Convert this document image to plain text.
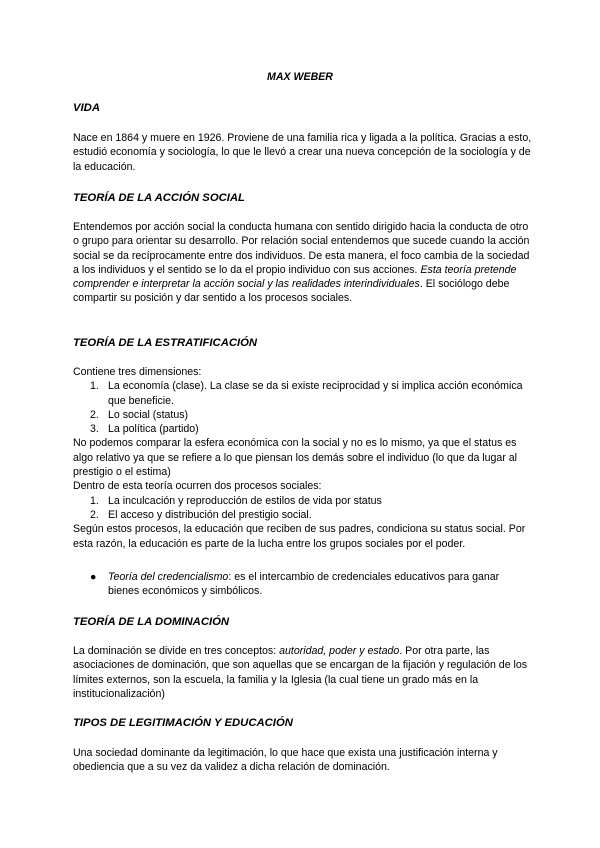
MAX WEBER
VIDA

Nace en 1864 y muere en 1926. Proviene de una familia rica y ligada a la política. Gracias a esto, estudió economía y sociología, lo que le llevó a crear una nueva concepción de la sociología y de la educación.

TEORÍA DE LA ACCIÓN SOCIAL

Entendemos por acción social la conducta humana con sentido dirigido hacia la conducta de otro o grupo para orientar su desarrollo. Por relación social entendemos que sucede cuando la acción social se da recíprocamente entre dos individuos. De esta manera, el foco cambia de la sociedad a los individuos y el sentido se lo da el propio individuo con sus acciones. Esta teoría pretende comprender e interpretar la acción social y las realidades interindividuales. El sociólogo debe compartir su posición y dar sentido a los procesos sociales.

TEORÍA DE LA ESTRATIFICACIÓN

Contiene tres dimensiones:

1. La economía (clase). La clase se da si existe reciprocidad y si implica acción económica que beneficie.
2. Lo social (status)
3. La política (partido)

No podemos comparar la esfera económica con la social y no es lo mismo, ya que el status es algo relativo ya que se refiere a lo que piensan los demás sobre el individuo (lo que da lugar al prestigio o el estima)

Dentro de esta teoría ocurren dos procesos sociales:

1. La inculcación y reproducción de estilos de vida por status
2. El acceso y distribución del prestigio social.

Según estos procesos, la educación que reciben de sus padres, condiciona su status social. Por esta razón, la educación es parte de la lucha entre los grupos sociales por el poder.

● Teoría del credencialismo: es el intercambio de credenciales educativos para ganar bienes económicos y simbólicos.
TEORÍA DE LA DOMINACIÓN

La dominación se divide en tres conceptos: autoridad, poder y estado. Por otra parte, las asociaciones de dominación, que son aquellas que se encargan de la fijación y regulación de los límites externos, son la escuela, la familia y la Iglesia (la cual tiene un grado más en la institucionalización)

TIPOS DE LEGITIMACIÓN Y EDUCACIÓN

Una sociedad dominante da legitimación, lo que hace que exista una justificación interna y obediencia que a su vez da validez a dicha relación de dominación.
